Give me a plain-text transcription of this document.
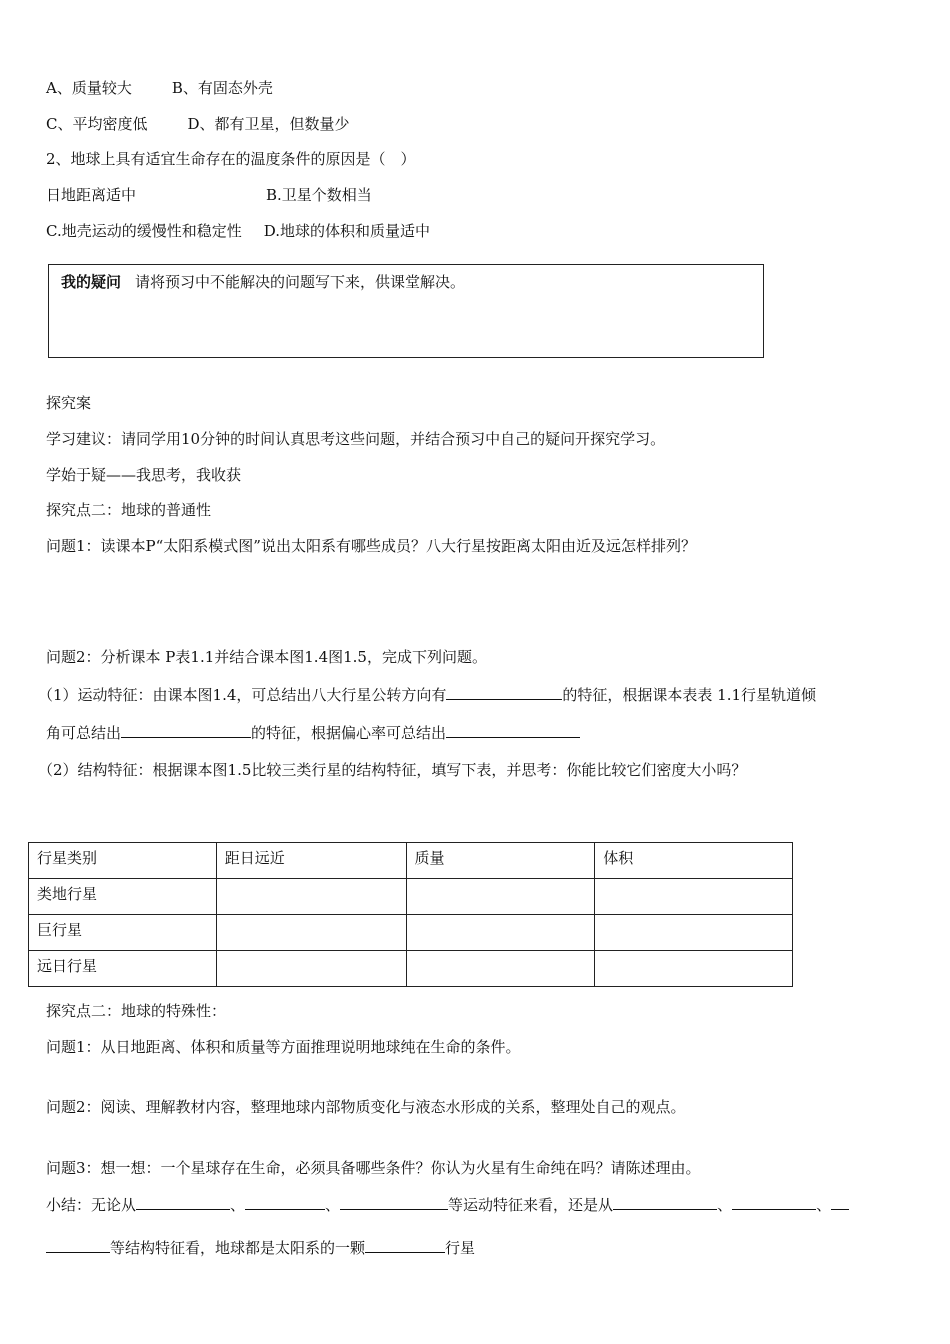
A、质量较大	B、有固态外壳
C、平均密度低	D、都有卫星，但数量少
2、地球上具有适宜生命存在的温度条件的原因是（　）
日地距离适中	B.卫星个数相当
C.地壳运动的缓慢性和稳定性 D.地球的体积和质量适中
我的疑问 请将预习中不能解决的问题写下来，供课堂解决。
探究案
学习建议：请同学用10分钟的时间认真思考这些问题，并结合预习中自己的疑问开探究学习。
学始于疑——我思考，我收获
探究点二：地球的普通性
问题1：读课本P“太阳系模式图”说出太阳系有哪些成员？八大行星按距离太阳由近及远怎样排列？
问题2：分析课本 P表1.1并结合课本图1.4图1.5，完成下列问题。
（1）运动特征：由课本图1.4，可总结出八大行星公转方向有	的特征，根据课本表表 1.1行星轨道倾
角可总结出	的特征，根据偏心率可总结出
（2）结构特征：根据课本图1.5比较三类行星的结构特征，填写下表，并思考：你能比较它们密度大小吗？
行星类别	距日远近	质量	体积
类地行星			
巨行星			
远日行星			
探究点二：地球的特殊性：
问题1：从日地距离、体积和质量等方面推理说明地球纯在生命的条件。
问题2：阅读、理解教材内容，整理地球内部物质变化与液态水形成的关系，整理处自己的观点。
问题3：想一想：一个星球存在生命，必须具备哪些条件？你认为火星有生命纯在吗？请陈述理由。
小结：无论从	、	、	等运动特征来看，还是从	、	、
等结构特征看，地球都是太阳系的一颗	行星
